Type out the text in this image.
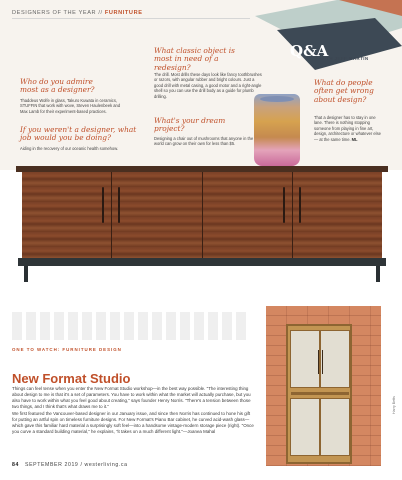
DESIGNERS OF THE YEAR // FURNITURE
Q&A
WITH JEFF MARTIN
What classic object is most in need of a redesign?
The drill. Most drills these days look like fancy toothbrushes or razors, with angular rubber and bright colours. Just a good drill with metal casing, a good motor and a right-angle shell so you can use the drill body as a guide for plumb drilling.
Who do you admire most as a designer?
Thaddeus Wolfe in glass, Takuro Kuwata in ceramics, STUFFIN that work with wove, Steven Haulenbeek and Max Lamb for their experiment-based practices.
What's your dream project?
Designing a chair out of mushrooms that anyone in the world can grow on their own for less than $5.
If you weren't a designer, what job would you be doing?
Aiding in the recovery of our oceanic health somehow.
What do people often get wrong about design?
That a designer has to stay in one lane. There is nothing stopping someone from playing in fine art, design, architecture or whatever else — at the same time.ML
ONE TO WATCH: FURNITURE DESIGN
New Format Studio

Things can feel tense when you enter the New Format Studio workshop—in the best way possible. "The interesting thing about design to me is that it's a set of parameters. You have to work within what the market will actually purchase, but you also have to work within what you feel good about creating," says founder Henry Norris. "There's a tension between those two things, and I think that's what draws me to it."

We first featured the Vancouver-based designer in our January issue, and since then Norris has continued to hone his gift for putting an artful spin on timeless furniture designs. For New Format's Piano Bar cabinet, he curved acid-wash glass—which gave this familiar hard material a surprisingly soft feel—into a handsome vintage-modern storage piece (right). "Once you curve a standard building material," he explains, "it takes on a much different light."—Joanea Mahal

Harry Betts
84 SEPTEMBER 2019 / westerliving.ca
